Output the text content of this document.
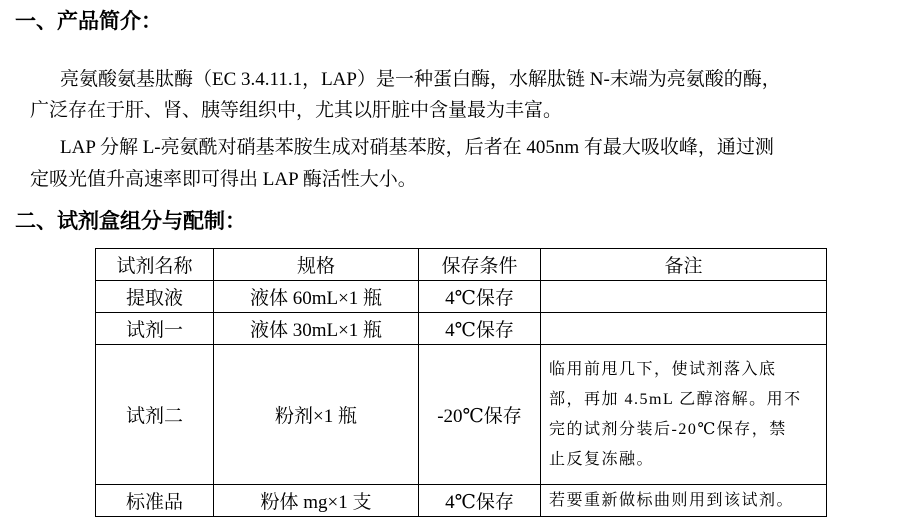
一、产品简介：
亮氨酸氨基肽酶（EC 3.4.11.1，LAP）是一种蛋白酶，水解肽链 N-末端为亮氨酸的酶，
广泛存在于肝、肾、胰等组织中，尤其以肝脏中含量最为丰富。
LAP 分解 L-亮氨酰对硝基苯胺生成对硝基苯胺，后者在 405nm 有最大吸收峰，通过测
定吸光值升高速率即可得出 LAP 酶活性大小。
二、试剂盒组分与配制：
试剂名称	规格	保存条件	备注
提取液	液体 60mL×1 瓶	4℃保存	
试剂一	液体 30mL×1 瓶	4℃保存	
试剂二	粉剂×1 瓶	-20℃保存	临用前甩几下，使试剂落入底
部，再加 4.5mL 乙醇溶解。用不
完的试剂分装后-20℃保存，禁
止反复冻融。

标准品	粉体 mg×1 支	4℃保存	若要重新做标曲则用到该试剂。
